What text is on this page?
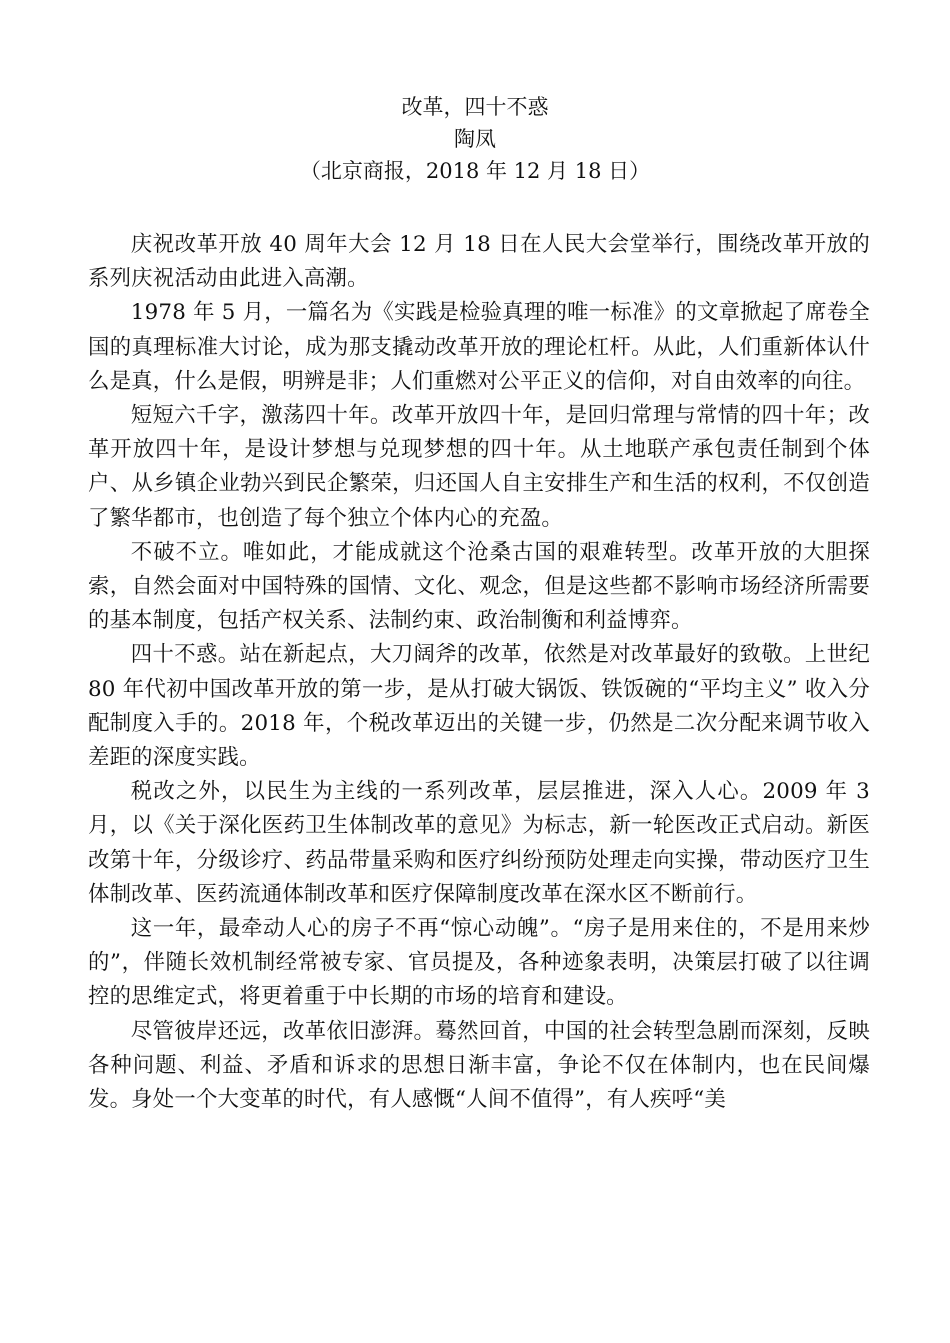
改革，四十不惑
陶凤
（北京商报，2018 年 12 月 18 日）

庆祝改革开放 40 周年大会 12 月 18 日在人民大会堂举行，围绕改革开放的系列庆祝活动由此进入高潮。

1978 年 5 月，一篇名为《实践是检验真理的唯一标准》的文章掀起了席卷全国的真理标准大讨论，成为那支撬动改革开放的理论杠杆。从此，人们重新体认什么是真，什么是假，明辨是非；人们重燃对公平正义的信仰，对自由效率的向往。

短短六千字，激荡四十年。改革开放四十年，是回归常理与常情的四十年；改革开放四十年，是设计梦想与兑现梦想的四十年。从土地联产承包责任制到个体户、从乡镇企业勃兴到民企繁荣，归还国人自主安排生产和生活的权利，不仅创造了繁华都市，也创造了每个独立个体内心的充盈。

不破不立。唯如此，才能成就这个沧桑古国的艰难转型。改革开放的大胆探索，自然会面对中国特殊的国情、文化、观念，但是这些都不影响市场经济所需要的基本制度，包括产权关系、法制约束、政治制衡和利益博弈。

四十不惑。站在新起点，大刀阔斧的改革，依然是对改革最好的致敬。上世纪 80 年代初中国改革开放的第一步，是从打破大锅饭、铁饭碗的“平均主义” 收入分配制度入手的。2018 年，个税改革迈出的关键一步，仍然是二次分配来调节收入差距的深度实践。

税改之外，以民生为主线的一系列改革，层层推进，深入人心。2009 年 3 月，以《关于深化医药卫生体制改革的意见》为标志，新一轮医改正式启动。新医改第十年，分级诊疗、药品带量采购和医疗纠纷预防处理走向实操，带动医疗卫生体制改革、医药流通体制改革和医疗保障制度改革在深水区不断前行。

这一年，最牵动人心的房子不再“惊心动魄”。“房子是用来住的，不是用来炒的”，伴随长效机制经常被专家、官员提及，各种迹象表明，决策层打破了以往调控的思维定式，将更着重于中长期的市场的培育和建设。

尽管彼岸还远，改革依旧澎湃。蓦然回首，中国的社会转型急剧而深刻，反映各种问题、利益、矛盾和诉求的思想日渐丰富，争论不仅在体制内，也在民间爆发。身处一个大变革的时代，有人感慨“人间不值得”，有人疾呼“美
